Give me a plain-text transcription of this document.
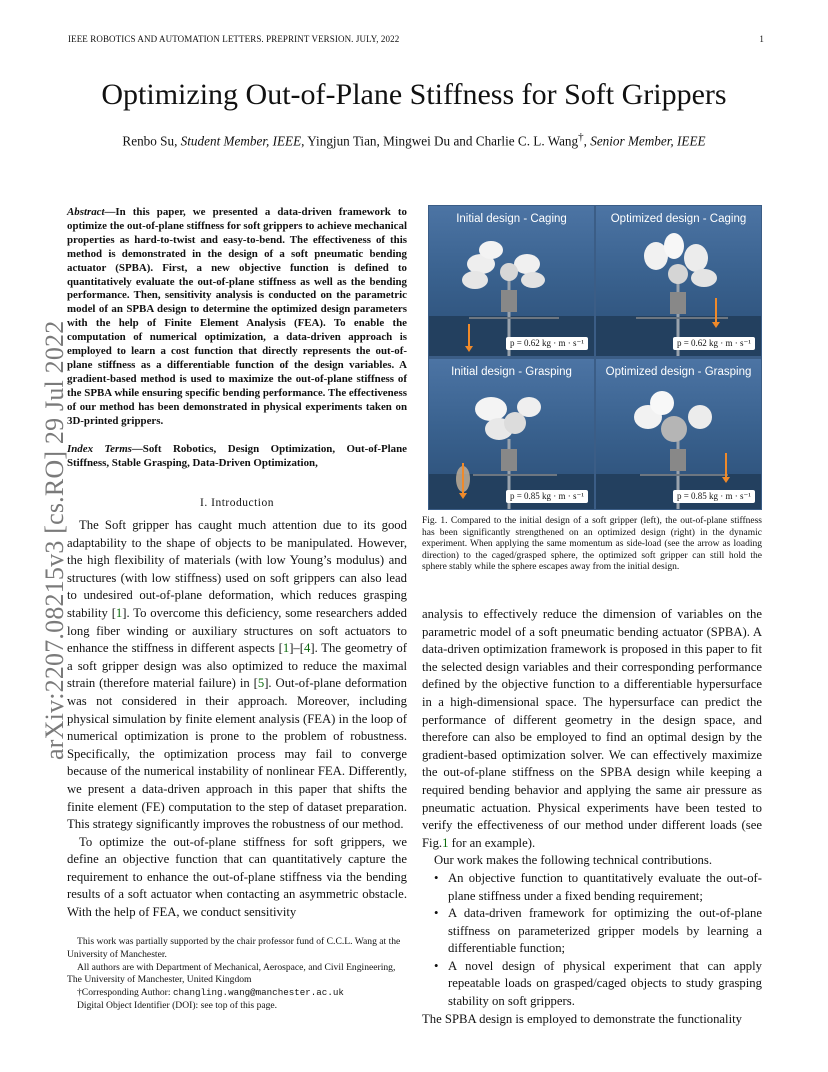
IEEE ROBOTICS AND AUTOMATION LETTERS. PREPRINT VERSION. JULY, 2022	1
Optimizing Out-of-Plane Stiffness for Soft Grippers
Renbo Su, Student Member, IEEE, Yingjun Tian, Mingwei Du and Charlie C. L. Wang†, Senior Member, IEEE
arXiv:2207.08215v3 [cs.RO] 29 Jul 2022
Abstract—In this paper, we presented a data-driven framework to optimize the out-of-plane stiffness for soft grippers to achieve mechanical properties as hard-to-twist and easy-to-bend. The effectiveness of this method is demonstrated in the design of a soft pneumatic bending actuator (SPBA). First, a new objective function is defined to quantitatively evaluate the out-of-plane stiffness as well as the bending performance. Then, sensitivity analysis is conducted on the parametric model of an SPBA design to determine the optimized design parameters with the help of Finite Element Analysis (FEA). To enable the computation of numerical optimization, a data-driven approach is employed to learn a cost function that directly represents the out-of-plane stiffness as a differentiable function of the design variables. A gradient-based method is used to maximize the out-of-plane stiffness of the SPBA while ensuring specific bending performance. The effectiveness of our method has been demonstrated in physical experiments taken on 3D-printed grippers.
Index Terms—Soft Robotics, Design Optimization, Out-of-Plane Stiffness, Stable Grasping, Data-Driven Optimization,
I. Introduction

The Soft gripper has caught much attention due to its good adaptability to the shape of objects to be manipulated. However, the high flexibility of materials (with low Young’s modulus) and structures (with low stiffness) used on soft grippers can also lead to undesired out-of-plane deformation, which reduces grasping stability [1]. To overcome this deficiency, some researchers added long fiber winding or auxiliary structures on soft actuators to enhance the stiffness in different aspects [1]–[4]. The geometry of a soft gripper design was also optimized to reduce the maximal strain (therefore material failure) in [5]. Out-of-plane deformation was not considered in their approach. Moreover, including physical simulation by finite element analysis (FEA) in the loop of numerical optimization is prone to the problem of robustness. Specifically, the optimization process may fail to converge because of the numerical instability of nonlinear FEA. Differently, we present a data-driven approach in this paper that shifts the finite element (FE) computation to the step of dataset preparation. This strategy significantly improves the robustness of our method.

To optimize the out-of-plane stiffness for soft grippers, we define an objective function that can quantitatively capture the requirement to enhance the out-of-plane stiffness via the bending results of a soft actuator when contacting an asymmetric obstacle. With the help of FEA, we conduct sensitivity

This work was partially supported by the chair professor fund of C.C.L. Wang at the University of Manchester.

All authors are with Department of Mechanical, Aerospace, and Civil Engineering, The University of Manchester, United Kingdom

†Corresponding Author: changling.wang@manchester.ac.uk

Digital Object Identifier (DOI): see top of this page.

Initial design - Caging
p = 0.62 kg · m · s⁻¹
Optimized design - Caging
p = 0.62 kg · m · s⁻¹
Initial design - Grasping
p = 0.85 kg · m · s⁻¹
Optimized design - Grasping
p = 0.85 kg · m · s⁻¹
Fig. 1. Compared to the initial design of a soft gripper (left), the out-of-plane stiffness has been significantly strengthened on an optimized design (right) in the dynamic experiment. When applying the same momentum as side-load (see the arrow as loading direction) to the caged/grasped sphere, the optimized soft gripper can still hold the sphere stably while the sphere escapes away from the initial design.

analysis to effectively reduce the dimension of variables on the parametric model of a soft pneumatic bending actuator (SPBA). A data-driven optimization framework is proposed in this paper to fit the selected design variables and their corresponding performance defined by the objective function to a differentiable hypersurface in a high-dimensional space. The hypersurface can predict the performance of different geometry in the design space, and therefore can also be employed to find an optimal design by the gradient-based optimization solver. We can effectively maximize the out-of-plane stiffness on the SPBA design while keeping a required bending behavior and applying the same air pressure as pneumatic actuation. Physical experiments have been tested to verify the effectiveness of our method under different loads (see Fig.1 for an example).

Our work makes the following technical contributions.

• An objective function to quantitatively evaluate the out-of-plane stiffness under a fixed bending requirement;
• A data-driven framework for optimizing the out-of-plane stiffness on parameterized gripper models by learning a differentiable function;
• A novel design of physical experiment that can apply repeatable loads on grasped/caged objects to study grasping stability on soft grippers.

The SPBA design is employed to demonstrate the functionality
